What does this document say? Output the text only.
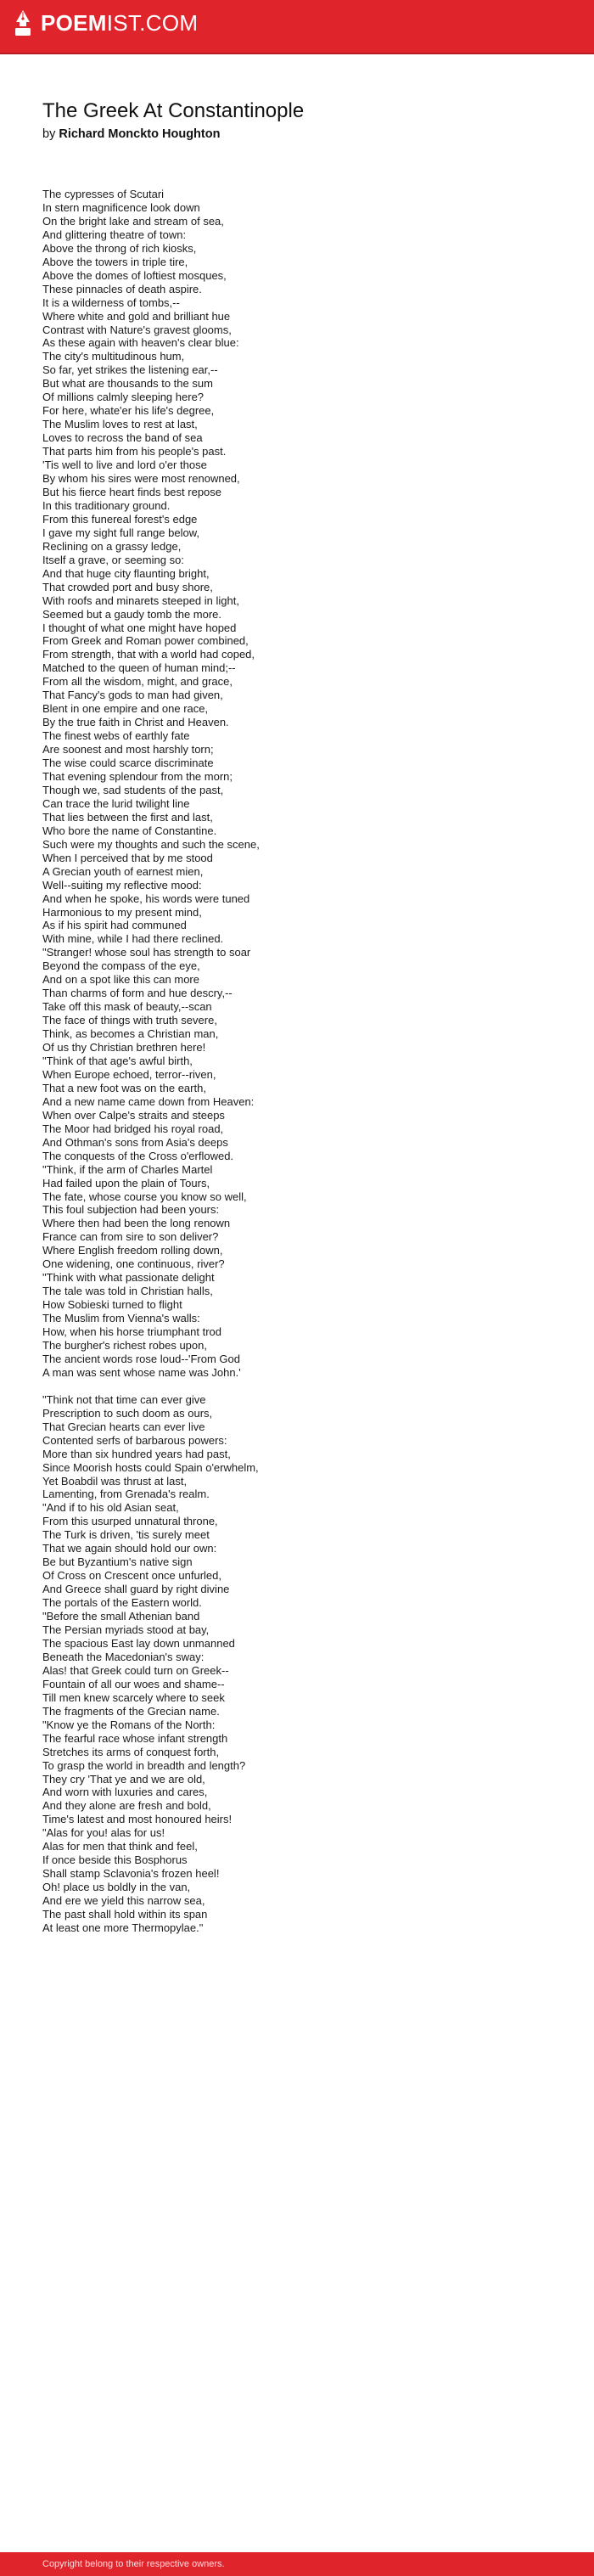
POEMIST.COM
The Greek At Constantinople
by Richard Monckto Houghton
The cypresses of Scutari
In stern magnificence look down
On the bright lake and stream of sea,
And glittering theatre of town:
Above the throng of rich kiosks,
Above the towers in triple tire,
Above the domes of loftiest mosques,
These pinnacles of death aspire.
It is a wilderness of tombs,--
Where white and gold and brilliant hue
Contrast with Nature's gravest glooms,
As these again with heaven's clear blue:
The city's multitudinous hum,
So far, yet strikes the listening ear,--
But what are thousands to the sum
Of millions calmly sleeping here?
For here, whate'er his life's degree,
The Muslim loves to rest at last,
Loves to recross the band of sea
That parts him from his people's past.
'Tis well to live and lord o'er those
By whom his sires were most renowned,
But his fierce heart finds best repose
In this traditionary ground.
From this funereal forest's edge
I gave my sight full range below,
Reclining on a grassy ledge,
Itself a grave, or seeming so:
And that huge city flaunting bright,
That crowded port and busy shore,
With roofs and minarets steeped in light,
Seemed but a gaudy tomb the more.
I thought of what one might have hoped
From Greek and Roman power combined,
From strength, that with a world had coped,
Matched to the queen of human mind;--
From all the wisdom, might, and grace,
That Fancy's gods to man had given,
Blent in one empire and one race,
By the true faith in Christ and Heaven.
The finest webs of earthly fate
Are soonest and most harshly torn;
The wise could scarce discriminate
That evening splendour from the morn;
Though we, sad students of the past,
Can trace the lurid twilight line
That lies between the first and last,
Who bore the name of Constantine.
Such were my thoughts and such the scene,
When I perceived that by me stood
A Grecian youth of earnest mien,
Well--suiting my reflective mood:
And when he spoke, his words were tuned
Harmonious to my present mind,
As if his spirit had communed
With mine, while I had there reclined.
"Stranger! whose soul has strength to soar
Beyond the compass of the eye,
And on a spot like this can more
Than charms of form and hue descry,--
Take off this mask of beauty,--scan
The face of things with truth severe,
Think, as becomes a Christian man,
Of us thy Christian brethren here!
"Think of that age's awful birth,
When Europe echoed, terror--riven,
That a new foot was on the earth,
And a new name came down from Heaven:
When over Calpe's straits and steeps
The Moor had bridged his royal road,
And Othman's sons from Asia's deeps
The conquests of the Cross o'erflowed.
"Think, if the arm of Charles Martel
Had failed upon the plain of Tours,
The fate, whose course you know so well,
This foul subjection had been yours:
Where then had been the long renown
France can from sire to son deliver?
Where English freedom rolling down,
One widening, one continuous, river?
"Think with what passionate delight
The tale was told in Christian halls,
How Sobieski turned to flight
The Muslim from Vienna's walls:
How, when his horse triumphant trod
The burgher's richest robes upon,
The ancient words rose loud--'From God
A man was sent whose name was John.'
"Think not that time can ever give
Prescription to such doom as ours,
That Grecian hearts can ever live
Contented serfs of barbarous powers:
More than six hundred years had past,
Since Moorish hosts could Spain o'erwhelm,
Yet Boabdil was thrust at last,
Lamenting, from Grenada's realm.
"And if to his old Asian seat,
From this usurped unnatural throne,
The Turk is driven, 'tis surely meet
That we again should hold our own:
Be but Byzantium's native sign
Of Cross on Crescent once unfurled,
And Greece shall guard by right divine
The portals of the Eastern world.
"Before the small Athenian band
The Persian myriads stood at bay,
The spacious East lay down unmanned
Beneath the Macedonian's sway:
Alas! that Greek could turn on Greek--
Fountain of all our woes and shame--
Till men knew scarcely where to seek
The fragments of the Grecian name.
"Know ye the Romans of the North:
The fearful race whose infant strength
Stretches its arms of conquest forth,
To grasp the world in breadth and length?
They cry 'That ye and we are old,
And worn with luxuries and cares,
And they alone are fresh and bold,
Time's latest and most honoured heirs!
"Alas for you! alas for us!
Alas for men that think and feel,
If once beside this Bosphorus
Shall stamp Sclavonia's frozen heel!
Oh! place us boldly in the van,
And ere we yield this narrow sea,
The past shall hold within its span
At least one more Thermopylae."
Copyright belong to their respective owners.
